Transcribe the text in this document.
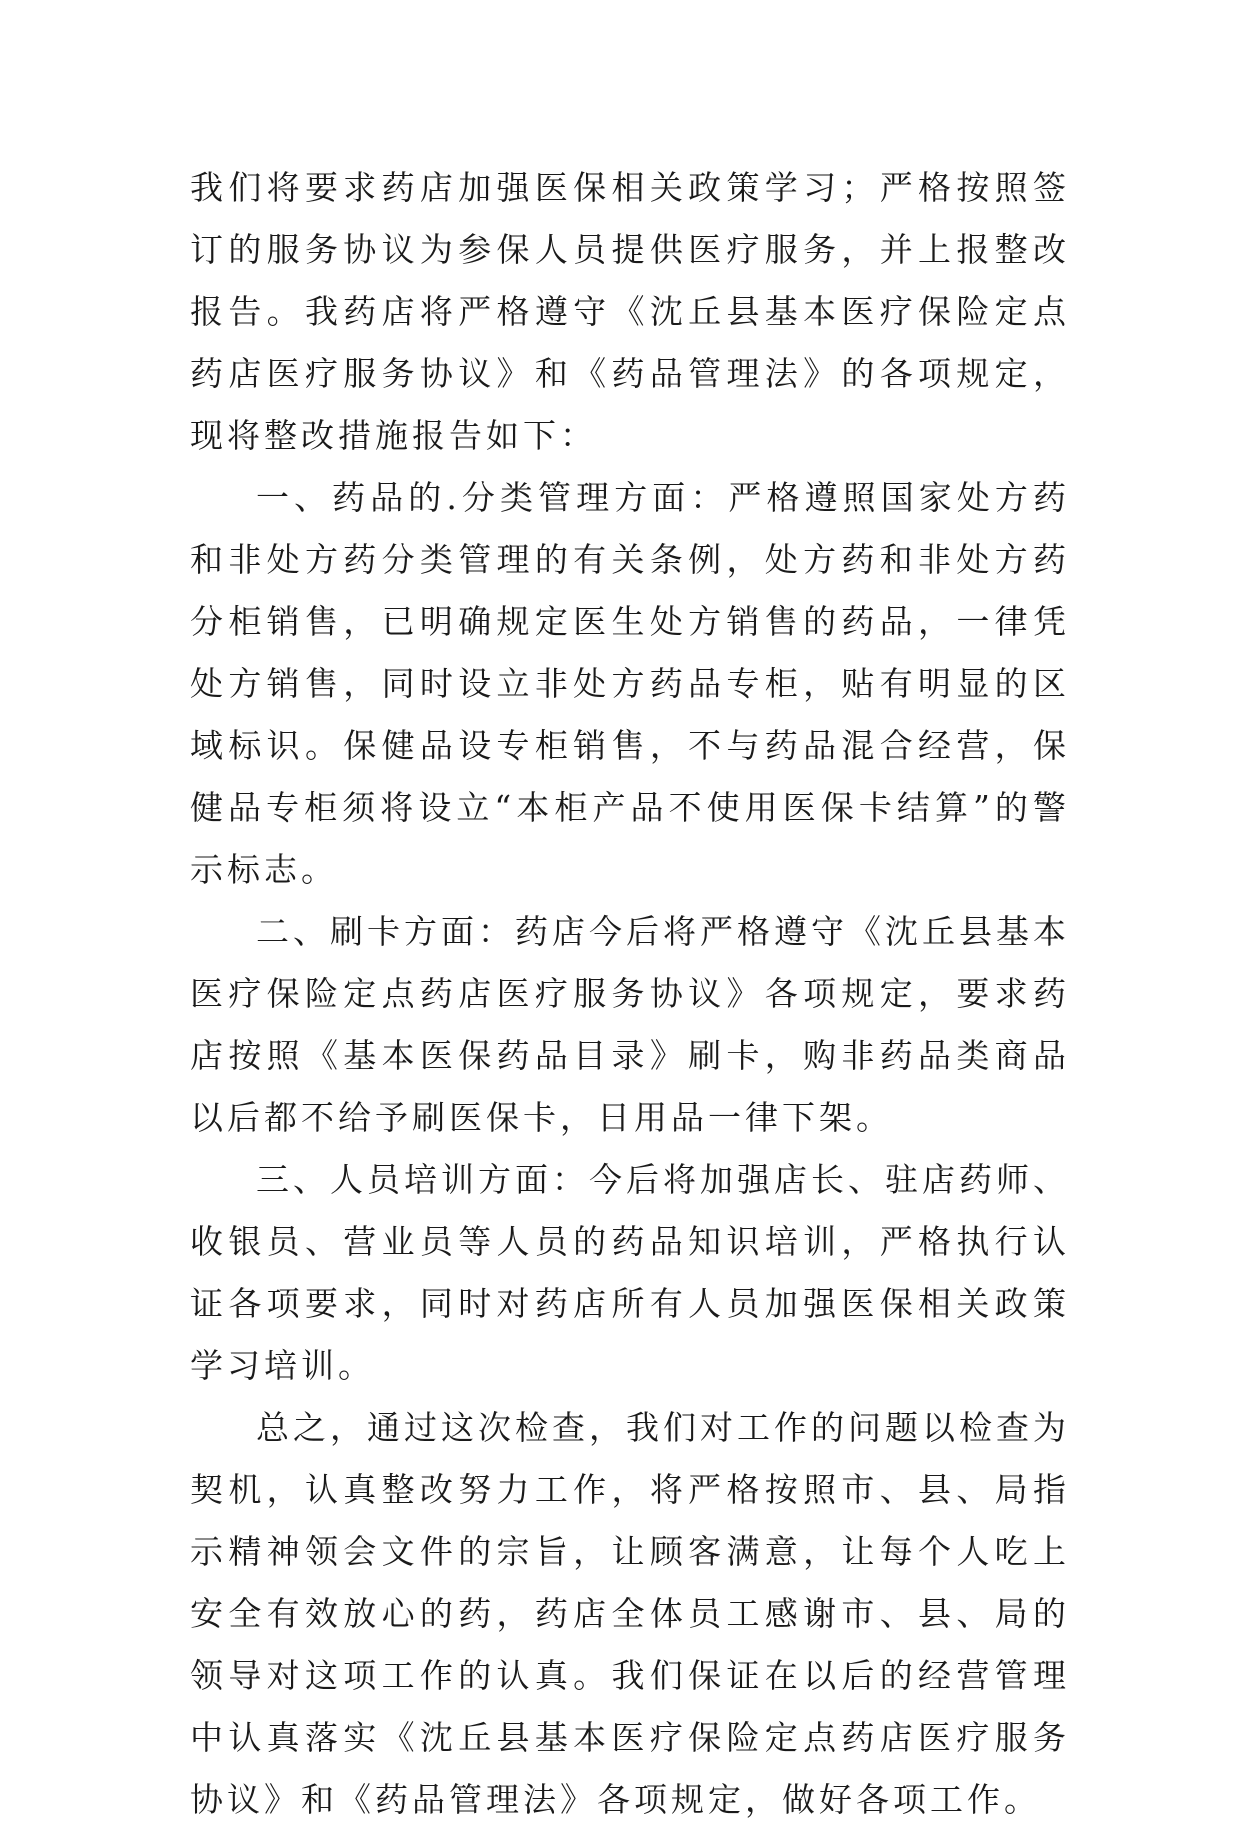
我们将要求药店加强医保相关政策学习；严格按照签订的服务协议为参保人员提供医疗服务，并上报整改报告。我药店将严格遵守《沈丘县基本医疗保险定点药店医疗服务协议》和《药品管理法》的各项规定，现将整改措施报告如下：

一、药品的.分类管理方面：严格遵照国家处方药和非处方药分类管理的有关条例，处方药和非处方药分柜销售，已明确规定医生处方销售的药品，一律凭处方销售，同时设立非处方药品专柜，贴有明显的区域标识。保健品设专柜销售，不与药品混合经营，保健品专柜须将设立“本柜产品不使用医保卡结算”的警示标志。

二、刷卡方面：药店今后将严格遵守《沈丘县基本医疗保险定点药店医疗服务协议》各项规定，要求药店按照《基本医保药品目录》刷卡，购非药品类商品以后都不给予刷医保卡，日用品一律下架。

三、人员培训方面：今后将加强店长、驻店药师、收银员、营业员等人员的药品知识培训，严格执行认证各项要求，同时对药店所有人员加强医保相关政策学习培训。

总之，通过这次检查，我们对工作的问题以检查为契机，认真整改努力工作，将严格按照市、县、局指示精神领会文件的宗旨，让顾客满意，让每个人吃上安全有效放心的药，药店全体员工感谢市、县、局的领导对这项工作的认真。我们保证在以后的经营管理中认真落实《沈丘县基本医疗保险定点药店医疗服务协议》和《药品管理法》各项规定，做好各项工作。
